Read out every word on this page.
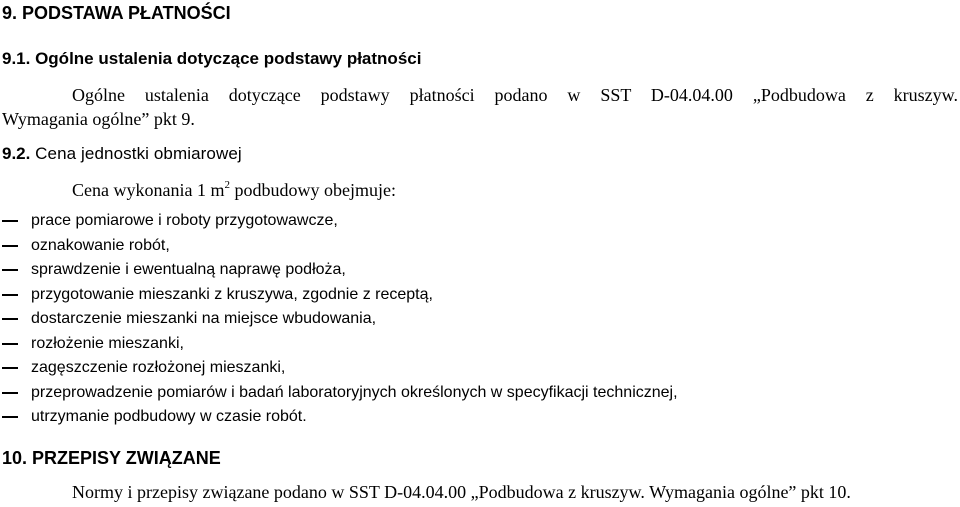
9. PODSTAWA PŁATNOŚCI
9.1. Ogólne ustalenia dotyczące podstawy płatności
Ogólne ustalenia dotyczące podstawy płatności podano w SST D-04.04.00 „Podbudowa z kruszyw.
Wymagania ogólne” pkt 9.
9.2. Cena jednostki obmiarowej
Cena wykonania 1 $m^2$ podbudowy obejmuje:
prace pomiarowe i roboty przygotowawcze,
oznakowanie robót,
sprawdzenie i ewentualną naprawę podłoża,
przygotowanie mieszanki z kruszywa, zgodnie z receptą,
dostarczenie mieszanki na miejsce wbudowania,
rozłożenie mieszanki,
zagęszczenie rozłożonej mieszanki,
przeprowadzenie pomiarów i badań laboratoryjnych określonych w specyfikacji technicznej,
utrzymanie podbudowy w czasie robót.
10. PRZEPISY ZWIĄZANE
Normy i przepisy związane podano w SST D-04.04.00 „Podbudowa z kruszyw. Wymagania ogólne” pkt 10.
